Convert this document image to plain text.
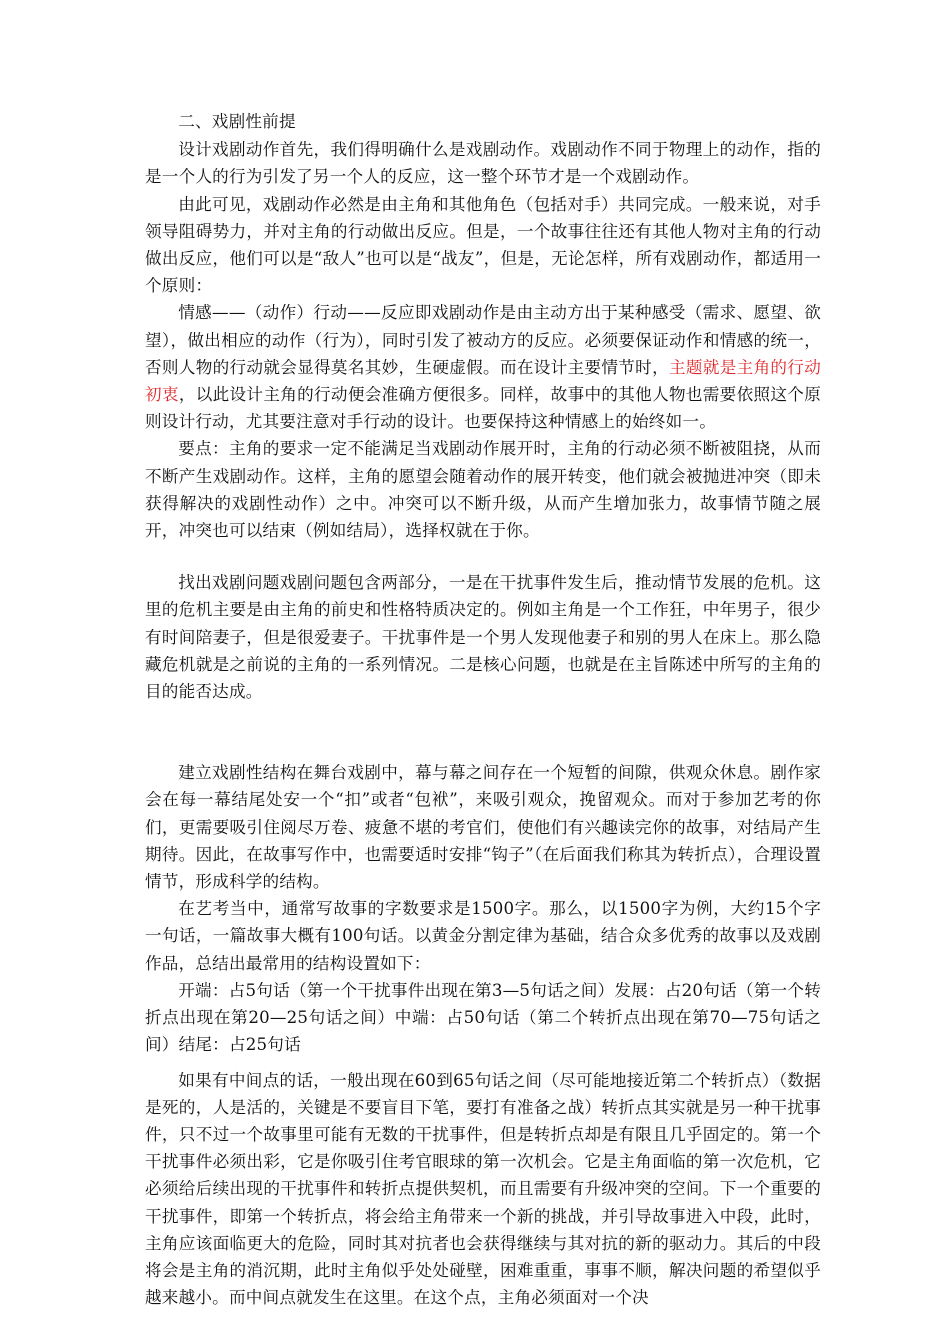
二、戏剧性前提

设计戏剧动作首先，我们得明确什么是戏剧动作。戏剧动作不同于物理上的动作，指的是一个人的行为引发了另一个人的反应，这一整个环节才是一个戏剧动作。

由此可见，戏剧动作必然是由主角和其他角色（包括对手）共同完成。一般来说，对手领导阻碍势力，并对主角的行动做出反应。但是，一个故事往往还有其他人物对主角的行动做出反应，他们可以是“敌人”也可以是“战友”，但是，无论怎样，所有戏剧动作，都适用一个原则：

情感——（动作）行动——反应即戏剧动作是由主动方出于某种感受（需求、愿望、欲望），做出相应的动作（行为），同时引发了被动方的反应。必须要保证动作和情感的统一，否则人物的行动就会显得莫名其妙，生硬虚假。而在设计主要情节时，主题就是主角的行动初衷，以此设计主角的行动便会准确方便很多。同样，故事中的其他人物也需要依照这个原则设计行动，尤其要注意对手行动的设计。也要保持这种情感上的始终如一。

要点：主角的要求一定不能满足当戏剧动作展开时，主角的行动必须不断被阻挠，从而不断产生戏剧动作。这样，主角的愿望会随着动作的展开转变，他们就会被抛进冲突（即未获得解决的戏剧性动作）之中。冲突可以不断升级，从而产生增加张力，故事情节随之展开，冲突也可以结束（例如结局），选择权就在于你。

找出戏剧问题戏剧问题包含两部分，一是在干扰事件发生后，推动情节发展的危机。这里的危机主要是由主角的前史和性格特质决定的。例如主角是一个工作狂，中年男子，很少有时间陪妻子，但是很爱妻子。干扰事件是一个男人发现他妻子和别的男人在床上。那么隐藏危机就是之前说的主角的一系列情况。二是核心问题，也就是在主旨陈述中所写的主角的目的能否达成。

建立戏剧性结构在舞台戏剧中，幕与幕之间存在一个短暂的间隙，供观众休息。剧作家会在每一幕结尾处安一个“扣”或者“包袱”，来吸引观众，挽留观众。而对于参加艺考的你们，更需要吸引住阅尽万卷、疲惫不堪的考官们，使他们有兴趣读完你的故事，对结局产生期待。因此，在故事写作中，也需要适时安排“钩子”（在后面我们称其为转折点），合理设置情节，形成科学的结构。

在艺考当中，通常写故事的字数要求是1500字。那么，以1500字为例，大约15个字一句话，一篇故事大概有100句话。以黄金分割定律为基础，结合众多优秀的故事以及戏剧作品，总结出最常用的结构设置如下：

开端：占5句话（第一个干扰事件出现在第3—5句话之间）发展：占20句话（第一个转折点出现在第20—25句话之间）中端：占50句话（第二个转折点出现在第70—75句话之间）结尾：占25句话

如果有中间点的话，一般出现在60到65句话之间（尽可能地接近第二个转折点）（数据是死的，人是活的，关键是不要盲目下笔，要打有准备之战）转折点其实就是另一种干扰事件，只不过一个故事里可能有无数的干扰事件，但是转折点却是有限且几乎固定的。第一个干扰事件必须出彩，它是你吸引住考官眼球的第一次机会。它是主角面临的第一次危机，它必须给后续出现的干扰事件和转折点提供契机，而且需要有升级冲突的空间。下一个重要的干扰事件，即第一个转折点，将会给主角带来一个新的挑战，并引导故事进入中段，此时，主角应该面临更大的危险，同时其对抗者也会获得继续与其对抗的新的驱动力。其后的中段将会是主角的消沉期，此时主角似乎处处碰壁，困难重重，事事不顺，解决问题的希望似乎越来越小。而中间点就发生在这里。在这个点，主角必须面对一个决
